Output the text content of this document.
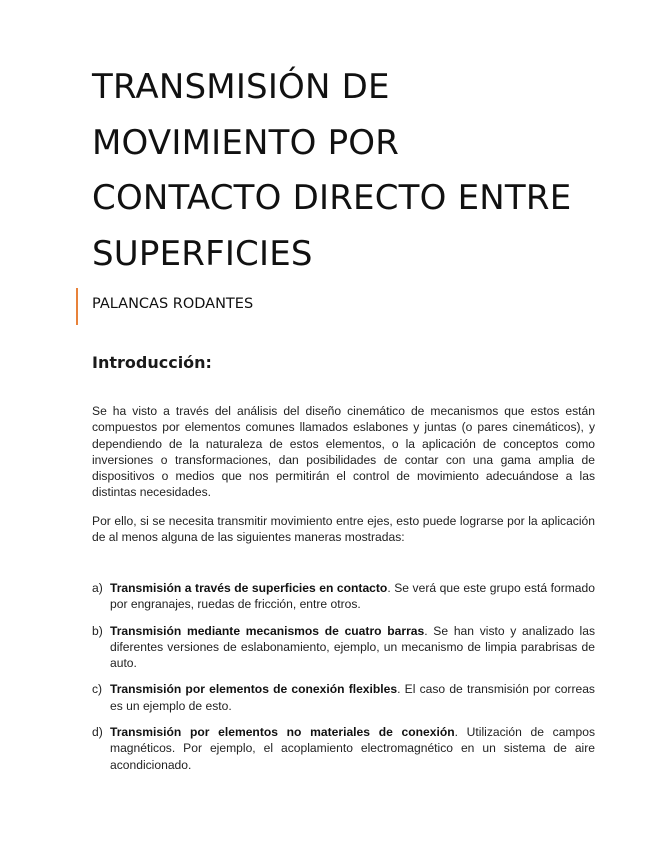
TRANSMISIÓN DE
MOVIMIENTO POR
CONTACTO DIRECTO ENTRE
SUPERFICIES

PALANCAS RODANTES

Introducción:

Se ha visto a través del análisis del diseño cinemático de mecanismos que estos están compuestos por elementos comunes llamados eslabones y juntas (o pares cinemáticos), y dependiendo de la naturaleza de estos elementos, o la aplicación de conceptos como inversiones o transformaciones, dan posibilidades de contar con una gama amplia de dispositivos o medios que nos permitirán el control de movimiento adecuándose a las distintas necesidades.

Por ello, si se necesita transmitir movimiento entre ejes, esto puede lograrse por la aplicación de al menos alguna de las siguientes maneras mostradas:

a) Transmisión a través de superficies en contacto. Se verá que este grupo está formado por engranajes, ruedas de fricción, entre otros.
b) Transmisión mediante mecanismos de cuatro barras. Se han visto y analizado las diferentes versiones de eslabonamiento, ejemplo, un mecanismo de limpia parabrisas de auto.
c) Transmisión por elementos de conexión flexibles. El caso de transmisión por correas es un ejemplo de esto.
d) Transmisión por elementos no materiales de conexión. Utilización de campos magnéticos. Por ejemplo, el acoplamiento electromagnético en un sistema de aire acondicionado.
